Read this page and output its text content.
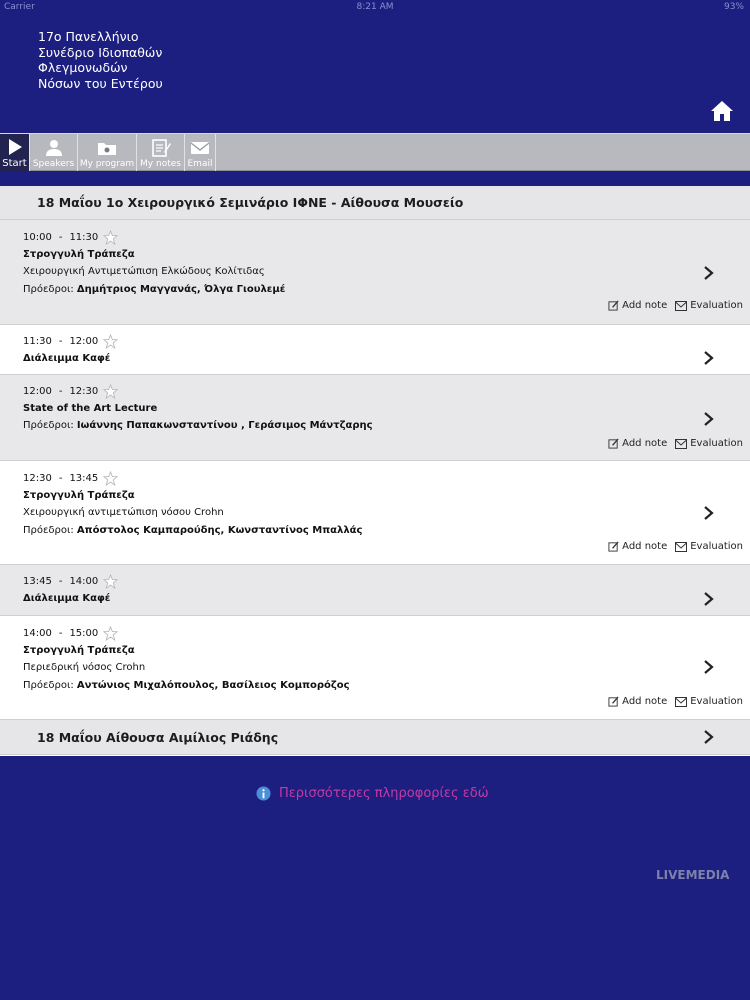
Carrier	8:21 AM	93%
17ο Πανελλήνιο
Συνέδριο Ιδιοπαθών
Φλεγμονωδών
Νόσων του Εντέρου
Start Speakers My program My notes Email
18 Μαΐου 1ο Χειρουργικό Σεμινάριο ΙΦΝΕ - Αίθουσα Μουσείο
10:00 - 11:30
Στρογγυλή Τράπεζα
Χειρουργική Αντιμετώπιση Ελκώδους Κολίτιδας
Πρόεδροι: Δημήτριος Μαγγανάς, Όλγα Γιουλεμέ
Add note Evaluation
11:30 - 12:00
Διάλειμμα Καφέ
12:00 - 12:30
State of the Art Lecture
Πρόεδροι: Ιωάννης Παπακωνσταντίνου , Γεράσιμος Μάντζαρης
Add note Evaluation
12:30 - 13:45
Στρογγυλή Τράπεζα
Χειρουργική αντιμετώπιση νόσου Crohn
Πρόεδροι: Απόστολος Καμπαρούδης, Κωνσταντίνος Μπαλλάς
Add note Evaluation
13:45 - 14:00
Διάλειμμα Καφέ
14:00 - 15:00
Στρογγυλή Τράπεζα
Περιεδρική νόσος Crohn
Πρόεδροι: Αντώνιος Μιχαλόπουλος, Βασίλειος Κομπορόζος
Add note Evaluation
18 Μαΐου Αίθουσα Αιμίλιος Ριάδης
Περισσότερες πληροφορίες εδώ
LIVEMEDIA
